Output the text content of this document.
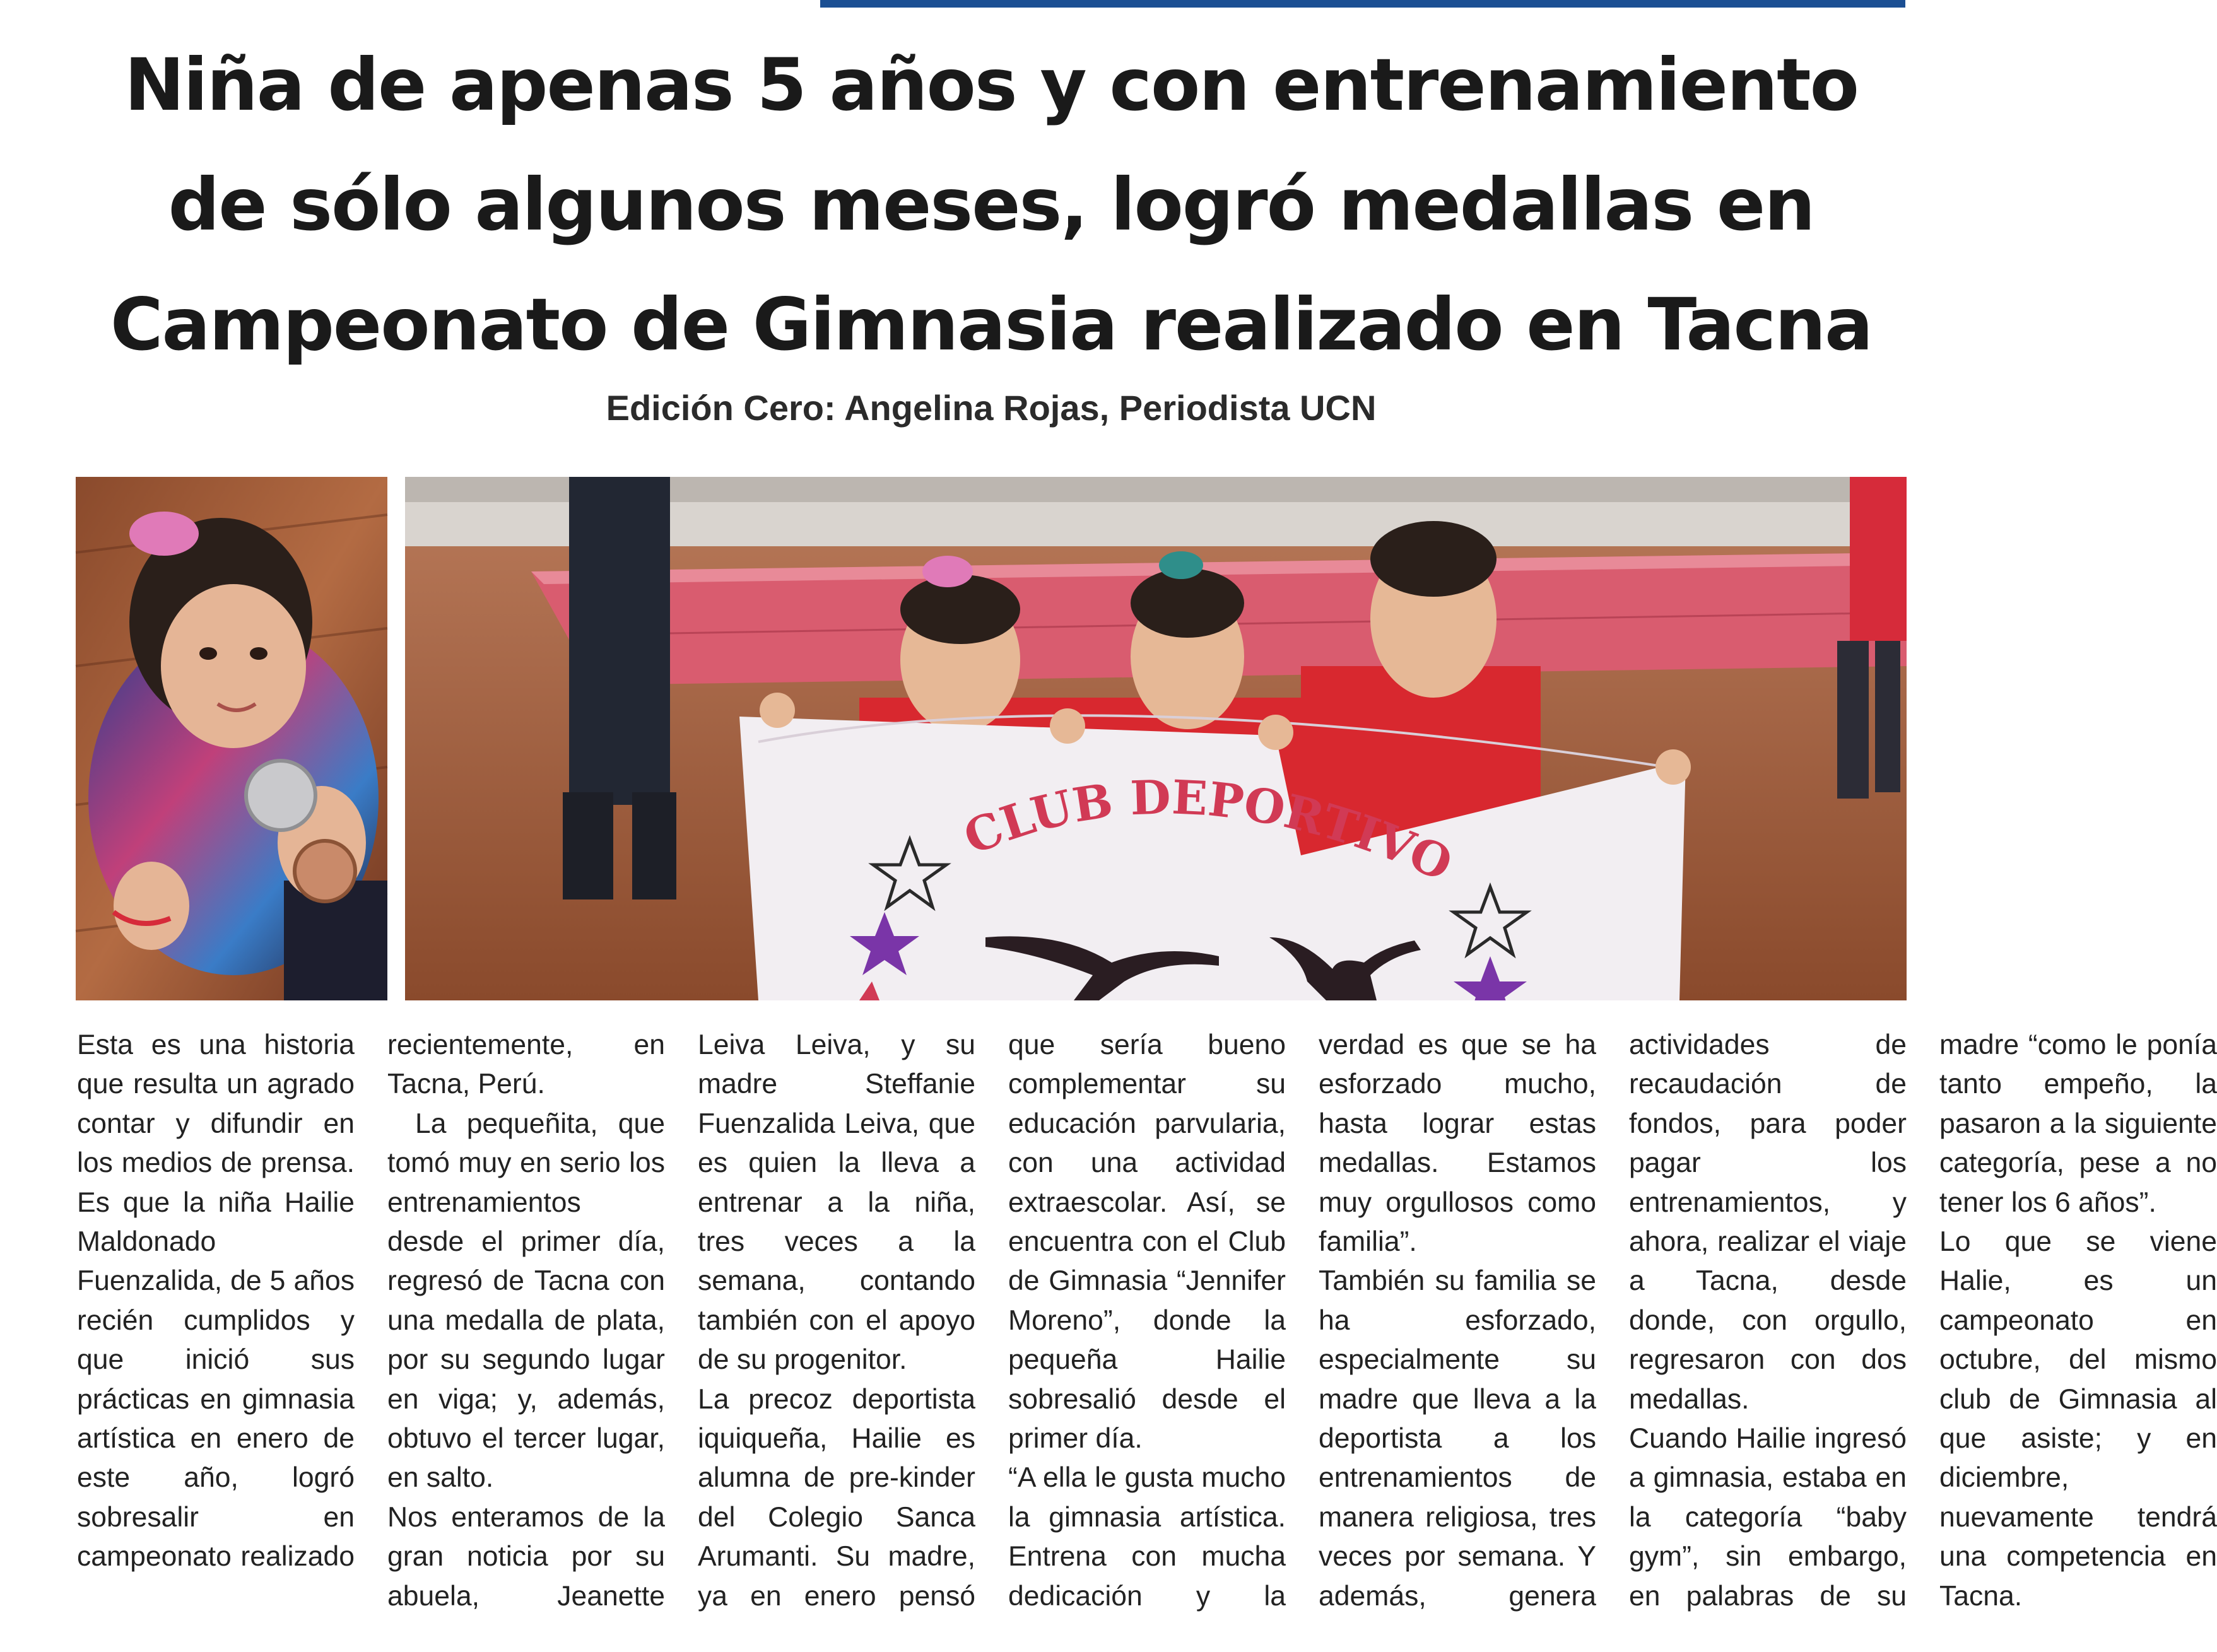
Niña de apenas 5 años y con entrenamiento
de sólo algunos meses, logró medallas en
Campeonato de Gimnasia realizado en Tacna
Edición Cero: Angelina Rojas, Periodista UCN
CLUB DEPORTIVO

Esta es una historia que resulta un agrado contar y difundir en los medios de prensa. Es que la niña Hailie Maldonado Fuenzalida, de 5 años recién cumplidos y que inició sus prácticas en gimnasia artística en enero de este año, logró sobresalir en campeonato realizado recientemente, en Tacna, Perú.

La pequeñita, que tomó muy en serio los entrenamientos desde el primer día, regresó de Tacna con una medalla de plata, por su segundo lugar en viga; y, además, obtuvo el tercer lugar, en salto.

Nos enteramos de la gran noticia por su abuela, Jeanette Leiva Leiva, y su madre Steffanie Fuenzalida Leiva, que es quien la lleva a entrenar a la niña, tres veces a la semana, contando también con el apoyo de su progenitor.

La precoz deportista iquiqueña, Hailie es alumna de pre-kinder del Colegio Sanca Arumanti. Su madre, ya en enero pensó que sería bueno complementar su educación parvularia, con una actividad extraescolar. Así, se encuentra con el Club de Gimnasia “Jennifer Moreno”, donde la pequeña Hailie sobresalió desde el primer día.

“A ella le gusta mucho la gimnasia artística. Entrena con mucha dedicación y la verdad es que se ha esforzado mucho, hasta lograr estas medallas. Estamos muy orgullosos como familia”.

También su familia se ha esforzado, especialmente su madre que lleva a la deportista a los entrenamientos de manera religiosa, tres veces por semana. Y además, genera actividades de recaudación de fondos, para poder pagar los entrenamientos, y ahora, realizar el viaje a Tacna, desde donde, con orgullo, regresaron con dos medallas.

Cuando Hailie ingresó a gimnasia, estaba en la categoría “baby gym”, sin embargo, en palabras de su madre “como le ponía tanto empeño, la pasaron a la siguiente categoría, pese a no tener los 6 años”.

Lo que se viene Halie, es un campeonato en octubre, del mismo club de Gimnasia al que asiste; y en diciembre, nuevamente tendrá una competencia en Tacna.
